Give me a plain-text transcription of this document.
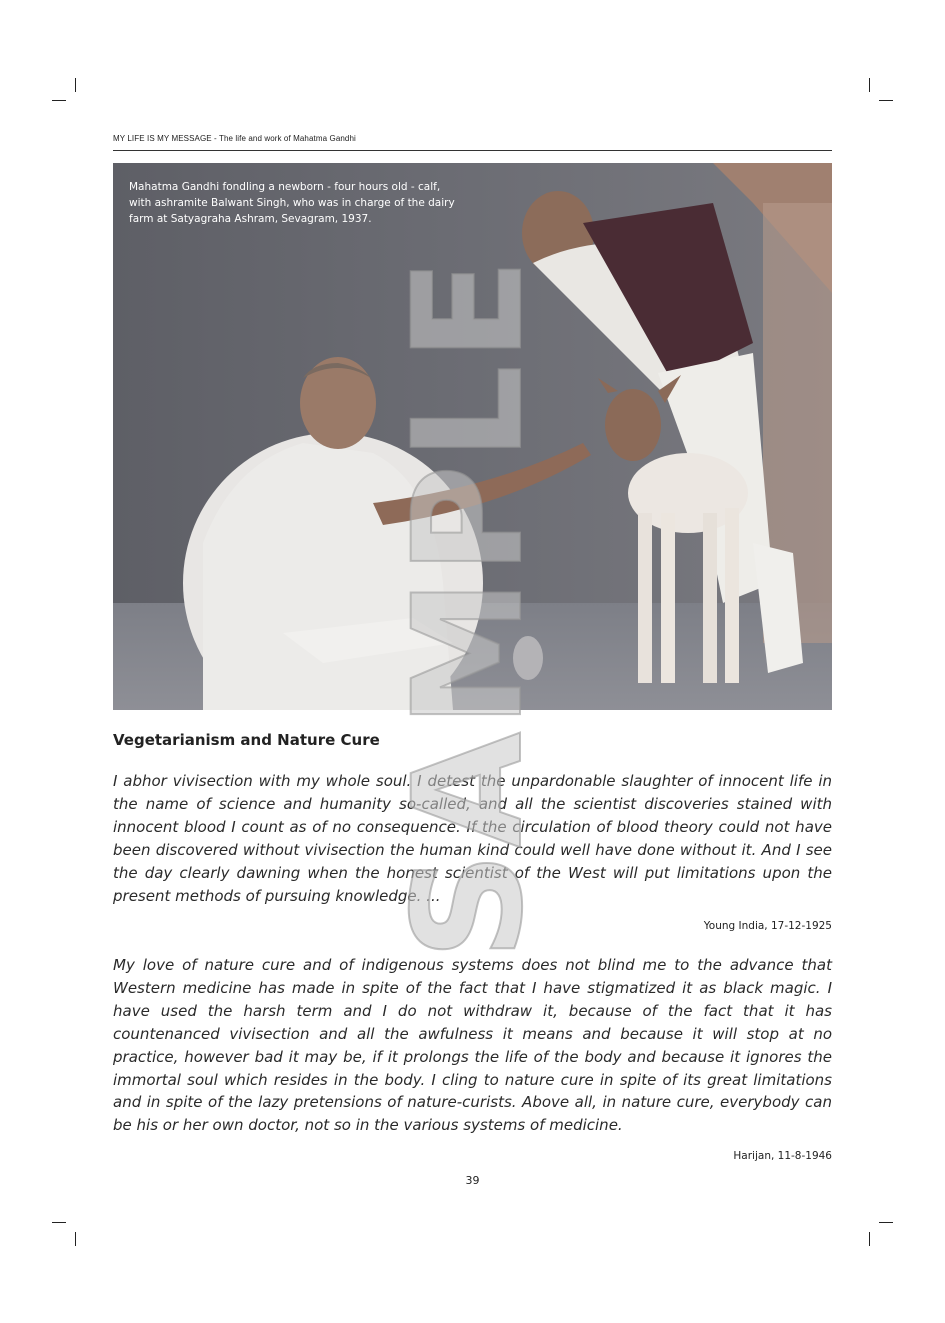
MY LIFE IS MY MESSAGE - The life and work of Mahatma Gandhi
Mahatma Gandhi fondling a newborn - four hours old - calf, with ashramite Balwant Singh, who was in charge of the dairy farm at Satyagraha Ashram, Sevagram, 1937.
Vegetarianism and Nature Cure
I abhor vivisection with my whole soul. I detest the unpardonable slaughter of innocent life in the name of science and humanity so-called, and all the scientist discoveries stained with innocent blood I count as of no consequence. If the circulation of blood theory could not have been discovered without vivisection the human kind could well have done without it. And I see the day clearly dawning when the honest scientist of the West will put limitations upon the present methods of pursuing knowledge. ...
Young India, 17-12-1925
My love of nature cure and of indigenous systems does not blind me to the advance that Western medicine has made in spite of the fact that I have stigmatized it as black magic. I have used the harsh term and I do not withdraw it, because of the fact that it has countenanced vivisection and all the awfulness it means and because it will stop at no practice, however bad it may be, if it prolongs the life of the body and because it ignores the immortal soul which resides in the body. I cling to nature cure in spite of its great limitations and in spite of the lazy pretensions of nature-curists. Above all, in nature cure, everybody can be his or her own doctor, not so in the various systems of medicine.
Harijan, 11-8-1946
39
SAMPLE
